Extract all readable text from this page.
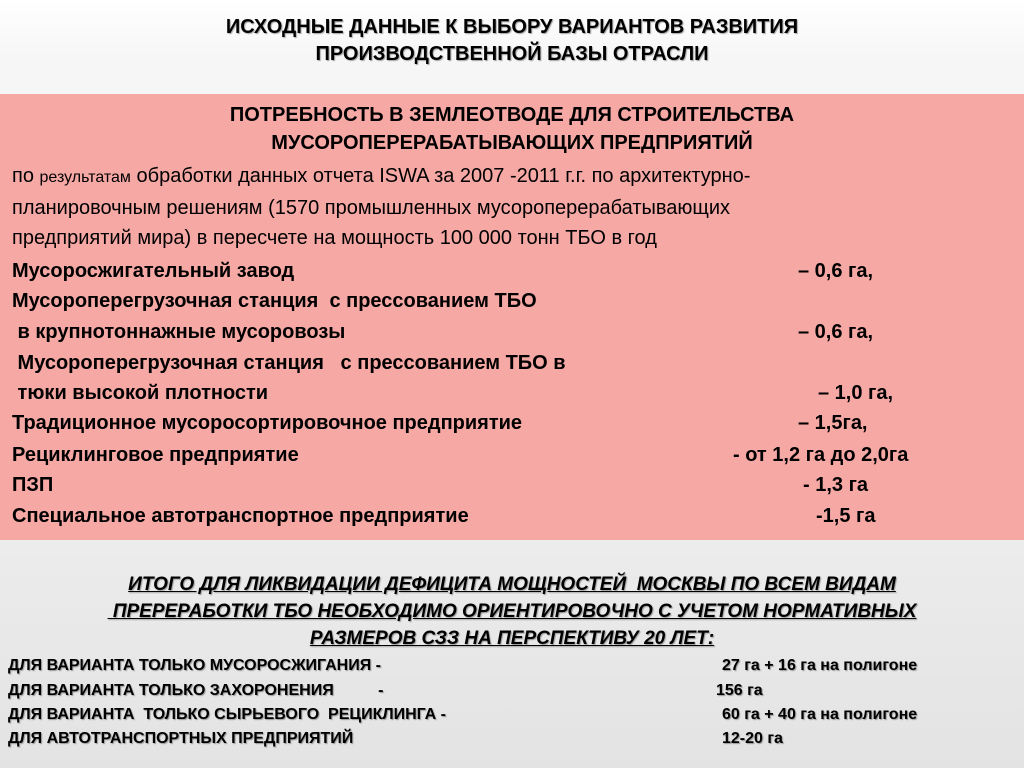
ИСХОДНЫЕ ДАННЫЕ К ВЫБОРУ ВАРИАНТОВ РАЗВИТИЯ
ПРОИЗВОДСТВЕННОЙ БАЗЫ ОТРАСЛИ
ПОТРЕБНОСТЬ В ЗЕМЛЕОТВОДЕ ДЛЯ СТРОИТЕЛЬСТВА
МУСОРОПЕРЕРАБАТЫВАЮЩИХ ПРЕДПРИЯТИЙ
по результатам обработки данных отчета ISWA за 2007 -2011 г.г. по архитектурно-
планировочным решениям (1570 промышленных мусороперерабатывающих
предприятий мира) в пересчете на мощность 100 000 тонн ТБО в год
Мусоросжигательный завод	– 0,6 га,
Мусороперегрузочная станция  с прессованием ТБО
в крупнотоннажные мусоровозы	– 0,6 га,
Мусороперегрузочная станция   с прессованием ТБО в
тюки высокой плотности	– 1,0 га,
Традиционное мусоросортировочное предприятие	– 1,5га,
Рециклинговое предприятие	- от 1,2 га до 2,0га
ПЗП	- 1,3 га
Специальное автотранспортное предприятие	-1,5 га
ИТОГО ДЛЯ ЛИКВИДАЦИИ ДЕФИЦИТА МОЩНОСТЕЙ  МОСКВЫ ПО ВСЕМ ВИДАМ
ПРЕРЕРАБОТКИ ТБО НЕОБХОДИМО ОРИЕНТИРОВОЧНО С УЧЕТОМ НОРМАТИВНЫХ
РАЗМЕРОВ СЗЗ НА ПЕРСПЕКТИВУ 20 ЛЕТ:
ДЛЯ ВАРИАНТА ТОЛЬКО МУСОРОСЖИГАНИЯ -	27 га + 16 га на полигоне
ДЛЯ ВАРИАНТА ТОЛЬКО ЗАХОРОНЕНИЯ          -	156 га
ДЛЯ ВАРИАНТА  ТОЛЬКО СЫРЬЕВОГО  РЕЦИКЛИНГА -	60 га + 40 га на полигоне
ДЛЯ АВТОТРАНСПОРТНЫХ ПРЕДПРИЯТИЙ	12-20 га
